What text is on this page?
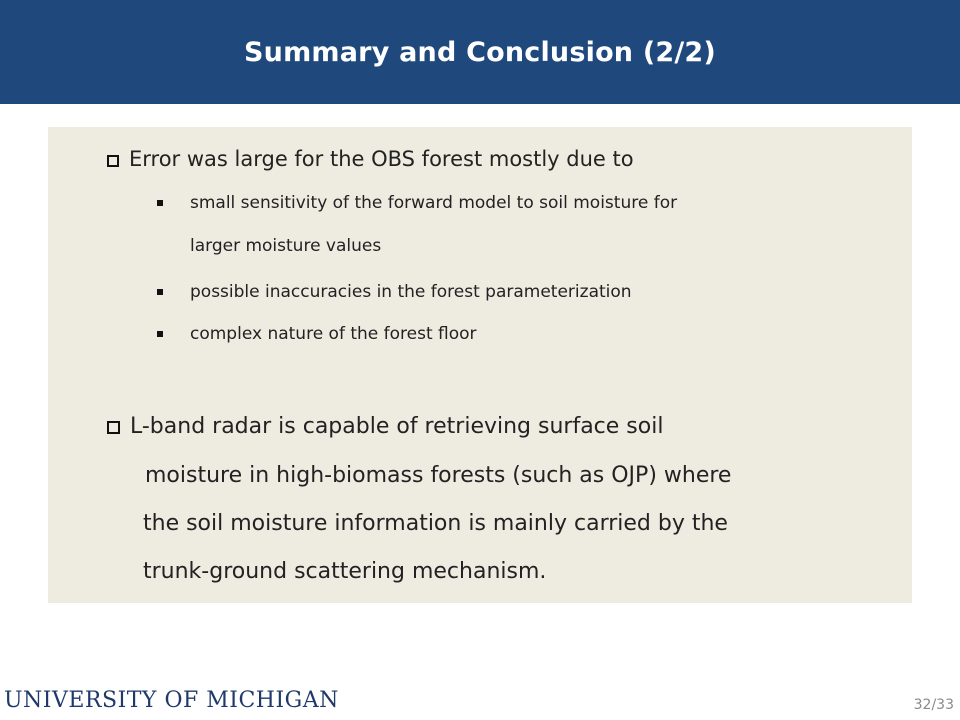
Summary and Conclusion (2/2)
Error was large for the OBS forest mostly due to
small sensitivity of the forward model to soil moisture for
larger moisture values
possible inaccuracies in the forest parameterization
complex nature of the forest floor
L-band radar is capable of retrieving surface soil
moisture in high-biomass forests (such as OJP) where
the soil moisture information is mainly carried by the
trunk-ground scattering mechanism.
UNIVERSITY OF MICHIGAN	32/33
